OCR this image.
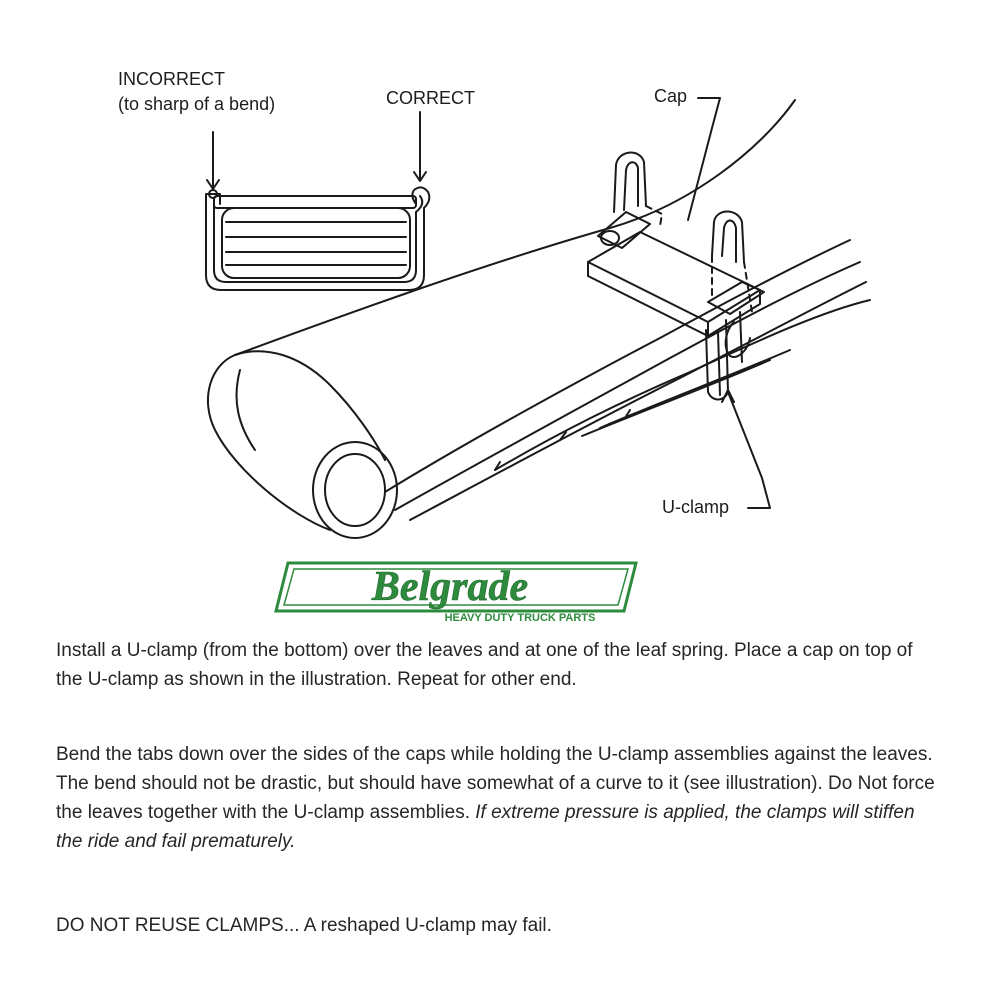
INCORRECT
(to sharp of a bend)	CORRECT	Cap
U-clamp
Belgrade
HEAVY DUTY TRUCK PARTS
Install a U-clamp (from the bottom) over the leaves and at one of the leaf spring. Place a cap on top of the U-clamp as shown in the illustration. Repeat for other end.
Bend the tabs down over the sides of the caps while holding the U-clamp assemblies against the leaves. The bend should not be drastic, but should have somewhat of a curve to it (see illustration). Do Not force the leaves together with the U-clamp assemblies. If extreme pressure is applied, the clamps will stiffen the ride and fail prematurely.
DO NOT REUSE CLAMPS... A reshaped U-clamp may fail.
